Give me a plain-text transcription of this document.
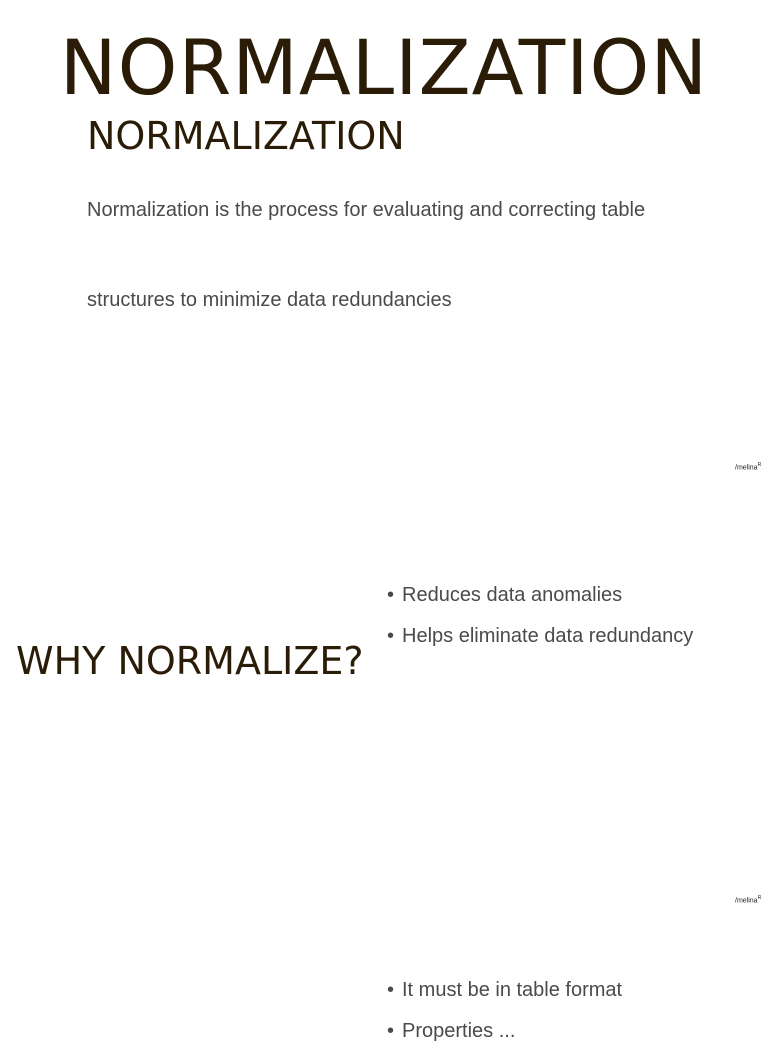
NORMALIZATION
NORMALIZATION

Normalization is the process for evaluating and correcting table

structures to minimize data redundancies

/melina$^R$
WHY NORMALIZE?
• Reduces data anomalies
• Helps eliminate data redundancy
/melina$^R$
• It must be in table format
• Properties ...
